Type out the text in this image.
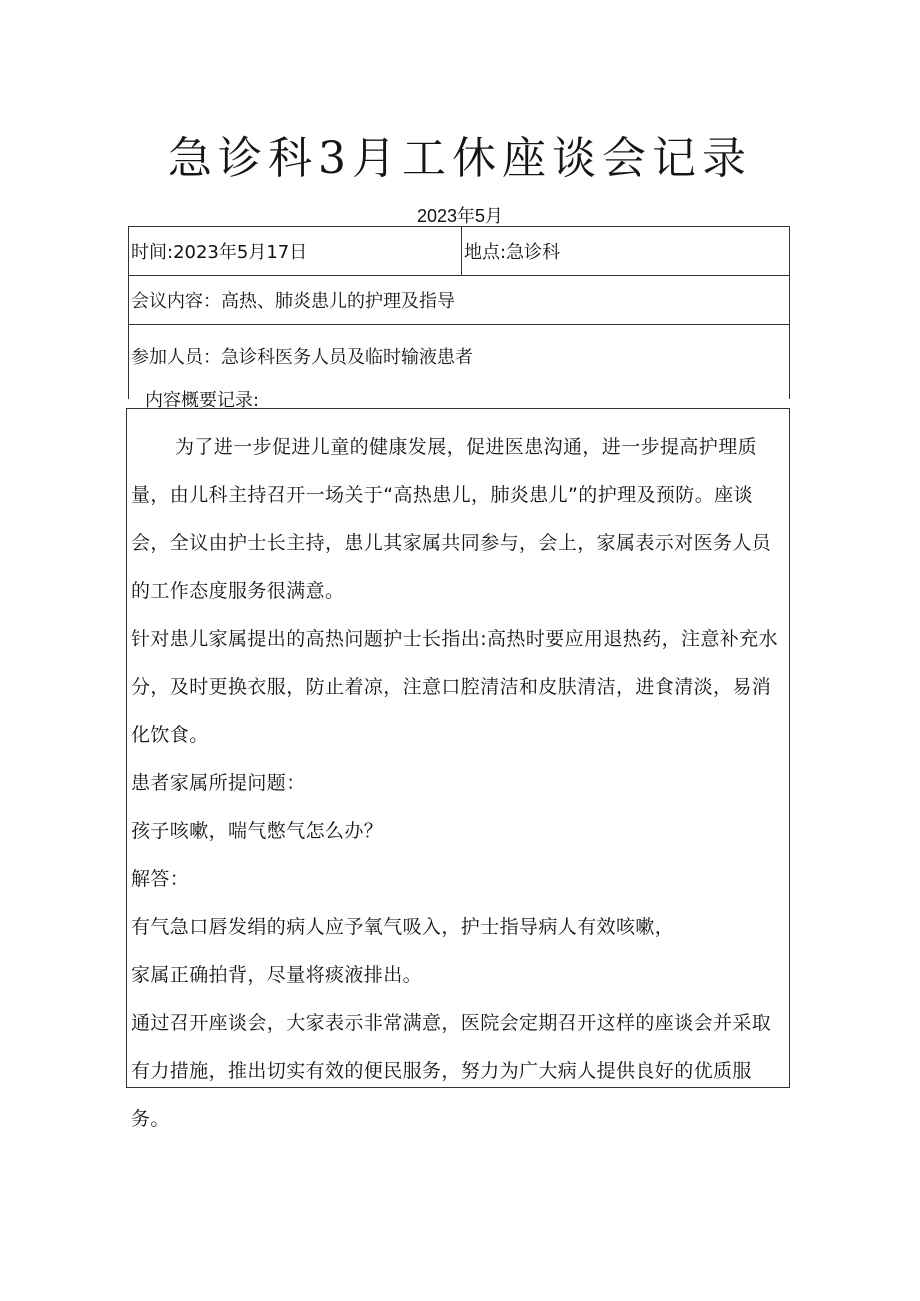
急诊科3月工休座谈会记录
2023年5月
时间:2023年5月17日	地点:急诊科
会议内容：高热、肺炎患儿的护理及指导
参加人员：急诊科医务人员及临时输液患者
内容概要记录:

为了进一步促进儿童的健康发展，促进医患沟通，进一步提高护理质量，由儿科主持召开一场关于“高热患儿，肺炎患儿”的护理及预防。座谈会，全议由护士长主持，患儿其家属共同参与，会上，家属表示对医务人员的工作态度服务很满意。

针对患儿家属提出的高热问题护士长指出:高热时要应用退热药，注意补充水分，及时更换衣服，防止着凉，注意口腔清洁和皮肤清洁，进食清淡，易消化饮食。

患者家属所提问题：

孩子咳嗽，喘气憋气怎么办？

解答：

有气急口唇发绢的病人应予氧气吸入，护士指导病人有效咳嗽，

家属正确拍背，尽量将痰液排出。

通过召开座谈会，大家表示非常满意，医院会定期召开这样的座谈会并采取有力措施，推出切实有效的便民服务，努力为广大病人提供良好的优质服务。
